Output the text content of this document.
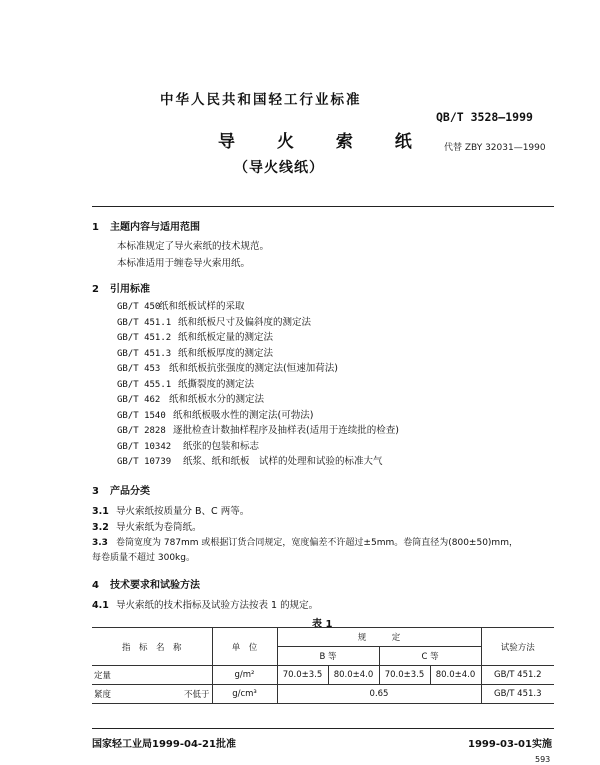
中华人民共和国轻工行业标准
QB/T 3528—1999
代替 ZBY 32031—1990
导 火 索 纸
（导火线纸）
1 主题内容与适用范围
本标准规定了导火索纸的技术规范。
本标准适用于缠卷导火索用纸。
2 引用标准
GB/T 450纸和纸板试样的采取
GB/T 451.1 纸和纸板尺寸及偏斜度的测定法
GB/T 451.2 纸和纸板定量的测定法
GB/T 451.3 纸和纸板厚度的测定法
GB/T 453 纸和纸板抗张强度的测定法(恒速加荷法)
GB/T 455.1 纸撕裂度的测定法
GB/T 462 纸和纸板水分的测定法
GB/T 1540 纸和纸板吸水性的测定法(可勃法)
GB/T 2828 逐批检查计数抽样程序及抽样表(适用于连续批的检查)
GB/T 10342 纸张的包装和标志
GB/T 10739 纸浆、纸和纸板　试样的处理和试验的标准大气
3 产品分类
3.1 导火索纸按质量分 B、C 两等。
3.2 导火索纸为卷筒纸。
3.3 卷筒宽度为 787mm 或根据订货合同规定，宽度偏差不许超过±5mm。卷筒直径为(800±50)mm，
每卷质量不超过 300kg。
4 技术要求和试验方法
4.1 导火索纸的技术指标及试验方法按表 1 的规定。
表 1
指　标　名　称	单　位	规　　　定				试验方法
		B 等		C 等		
定量	g/m²	70.0±3.5	80.0±4.0	70.0±3.5	80.0±4.0	GB/T 451.2
紧度 不低于	g/cm³	0.65				GB/T 451.3
国家轻工业局1999-04-21批准	1999-03-01实施
593
